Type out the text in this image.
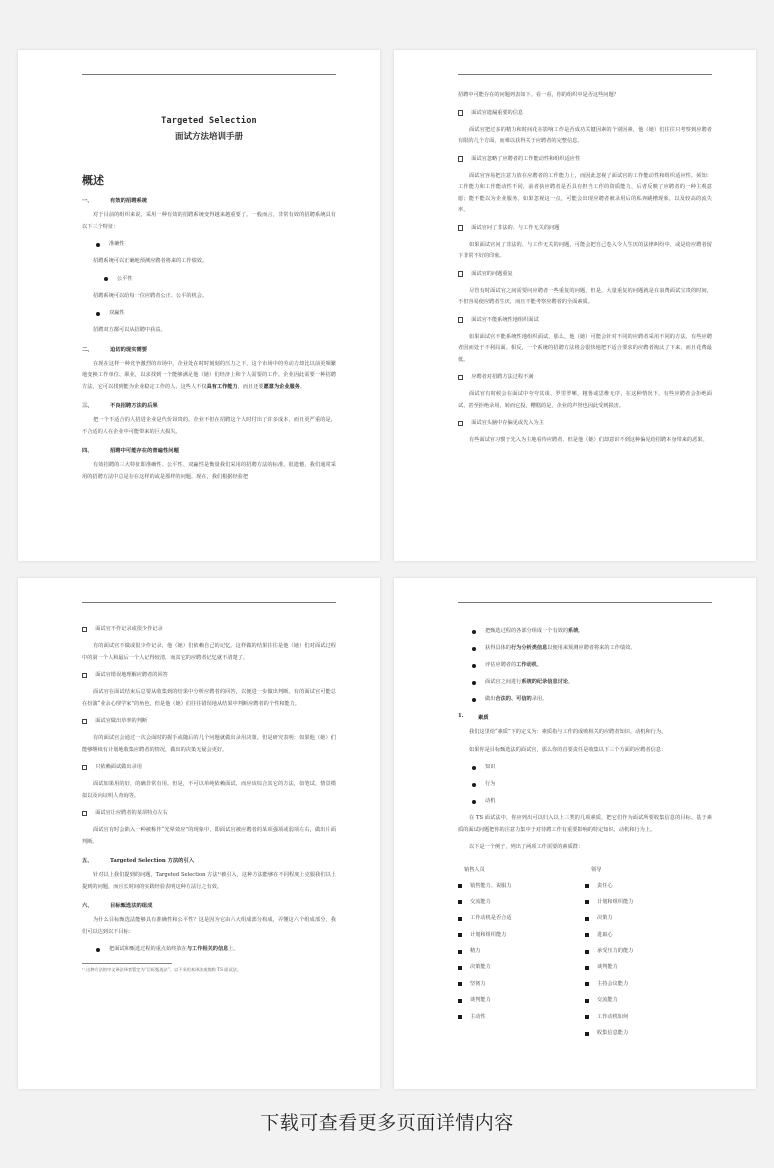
Targeted Selection
面试方法培训手册
概述
一、	有效的招聘系统

对于目前的组织来说，采用一种有效的招聘系统变得越来越重要了。一般而言，非常有效的招聘系统具有以下三个特征：

准确性

招聘系统可以正确地预测应聘者将来的工作绩效。

公平性

招聘系统可以给每一位应聘者公正、公平的机会。

双赢性

招聘双方都可以从招聘中获益。

二、	迫切的现实需要

在现在这样一种竞争激烈的市场中，企业处在时时刻刻的压力之下，这个市场中的劳动力却比以前更频繁地变换工作单位、职业，以求找到一个能够满足他（她）们经济上和个人需要的工作。企业因此需要一种招聘方法，它可以找到能为企业稳定工作的人，这些人不仅具有工作能力，而且还要愿意为企业服务。

三、	不良招聘方法的后果

把一个不适合的人招进企业是代价昂贵的。企业不但在招聘这个人时付出了许多成本，而且更严重的是，不合适的人在企业中可能带来的巨大损失。

四、	招聘中可能存在的普遍性问题

有效招聘的三大特征即准确性、公平性、双赢性是衡量我们采用的招聘方法的标准。很遗憾，我们通常采用的招聘方法中总是存在这样的或是那样的问题。现在，我们根据经验把

招聘中可能存在的问题列表如下。看一看，你的组织中是否这些问题？

面试官遗漏重要的信息

面试官把过多的精力和时间花在影响工作是否成功关键因素的个别因素，他（她）们往往只考察到应聘者有限的几个方面，而难以获得关于应聘者的完整信息。

面试官忽略了应聘者的工作能动性和组织适应性

面试官容易把注意力放在应聘者的工作能力上，而因此忽视了面试官的工作能动性和组织适应性。须知：工作能力和工作能动性不同，前者执应聘者是否具有担当工作的资质能力，后者反映了应聘者的一种主观意愿；能不能以为企业服务。如果忽视这一点，可能会出现应聘者被录用后的私奔跳槽现象，以及较高的流失率。

面试官问了非法的、与工作无关的问题

如果面试官问了非法的、与工作无关的问题，可能会把自己卷入令人生厌的法律纠纷中，或是给应聘者留下非常不好的印象。

面试官的问题重复

尽管有时面试官之间需要问应聘者一些重复的问题，但是，大量重复的问题就是在浪费面试宝贵的时间，不但容易使应聘者生厌，而且不能考察应聘者的全面素质。

面试官不能系统性地组织面试

如果面试官不能系统性地组织面试，那么，他（她）可能会针对不同的应聘者采用不同的方法，有些应聘者因而处于不利局面。相反，一个系统的招聘方法将会很快地把不适合要求的应聘者淘汰了下来，而且花费最低。

应聘者对招聘方法过程不满

面试官有时候会在面试中夸夸其谈、罗里罗嗦，粗鲁或思维无序，在这种情况下，有些应聘者会拒绝面试，甚至拒绝录用，转而它投，糟糕的是，企业的声誉也因此受到损害。

面试官头脑中存偏见或先入为主

有些面试官习惯于先入为主地看待应聘者，但是他（她）们却意识不到这种偏见给招聘本身带来的恶果。

面试官不作记录或很少作记录

有的面试官不做或很少作记录，他（她）们依赖自己的记忆。这样做的结果往往是他（她）们对面试过程中的第一个人和最后一个人记得较清，而其它的应聘者记忆就不清楚了。

面试官错误地理解应聘者的回答

面试官在面试结束后总要从收集到的结果中分析应聘者的回答，以便进一步做出判断。有的面试官可能总在扮演“业余心理学家”的角色，但是他（她）们往往错误地从结果中判断应聘者的个性和能力。

面试官做出草率的判断

有的面试官会通过一次会面时的握手或随后的几个问题就做出录用决策。但是研究表明：如果他（她）们能够继续有计划地收集应聘者的情况，做出的决策无疑会更好。

只依赖面试做出录用

面试如果用的好，的确非常有用。但是，不可以单纯依赖面试，而应该综合其它的方法，如笔试，情景模拟以及向证明人查询等。

面试官让应聘者的某项特点左右

面试官有时会陷入一种被称作“光晕效应”的现象中，即面试官被应聘者的某项强项或弱项左右，做出片面判断。

五、	Targeted Selection 方法的引入

针对以上我们提到的问题，Targeted Selection 方法¹⁾被引入，这种方法能够在不同程度上克服我们以上提到的问题，而且长时间的实践经验表明这种方法行之有效。

六、	目标甄选法的组成

为什么目标甄选法能够具有准确性和公平性？这是因为它由六大组成部分构成，弄懂这六个组成部分，我们可以达到以下目标：

把面试和甄选过程的重点始终放在与工作相关的信息上。
¹⁾ 这种方法的中文译法译者暂定为“目标甄选法”。以下采用本译法或简称 TS 面试法。
把甄选过程的各部分组成一个有效的系统。
获得具体的行为分析类信息以便用来预测应聘者将来的工作绩效。
评估应聘者的工作动机。
面试官之间进行系统的纪录信息讨论。
做出合法的、可信的录用。
1.	素质

我们这里给“素质”下的定义为：素质指与工作的成败相关的应聘者知识、动机和行为。

如果你是目标甄选法的面试官，那么你的首要责任是收集以下三个方面的应聘者信息：

知识
行为
动机

在 TS 面试法中，你应列出可以归入以上三类的几项素质，把它们作为面试所要收集信息的目标。基于素质的面试问题把你的注意力集中于对待聘工作有重要影响的特定知识、动机和行为上。

以下是一个例子，列出了两项工作需要的素质群：

销售人员
销售能力、说服力
交流能力
工作动机是否合适
计划和组织能力
精力
决策能力
坚韧力
谈判能力
主动性
领导
责任心
计划和组织能力
决策力
进取心
承受压力的能力
谈判能力
主持会议能力
交流能力
工作动机如何
收集信息能力
下载可查看更多页面详情内容
